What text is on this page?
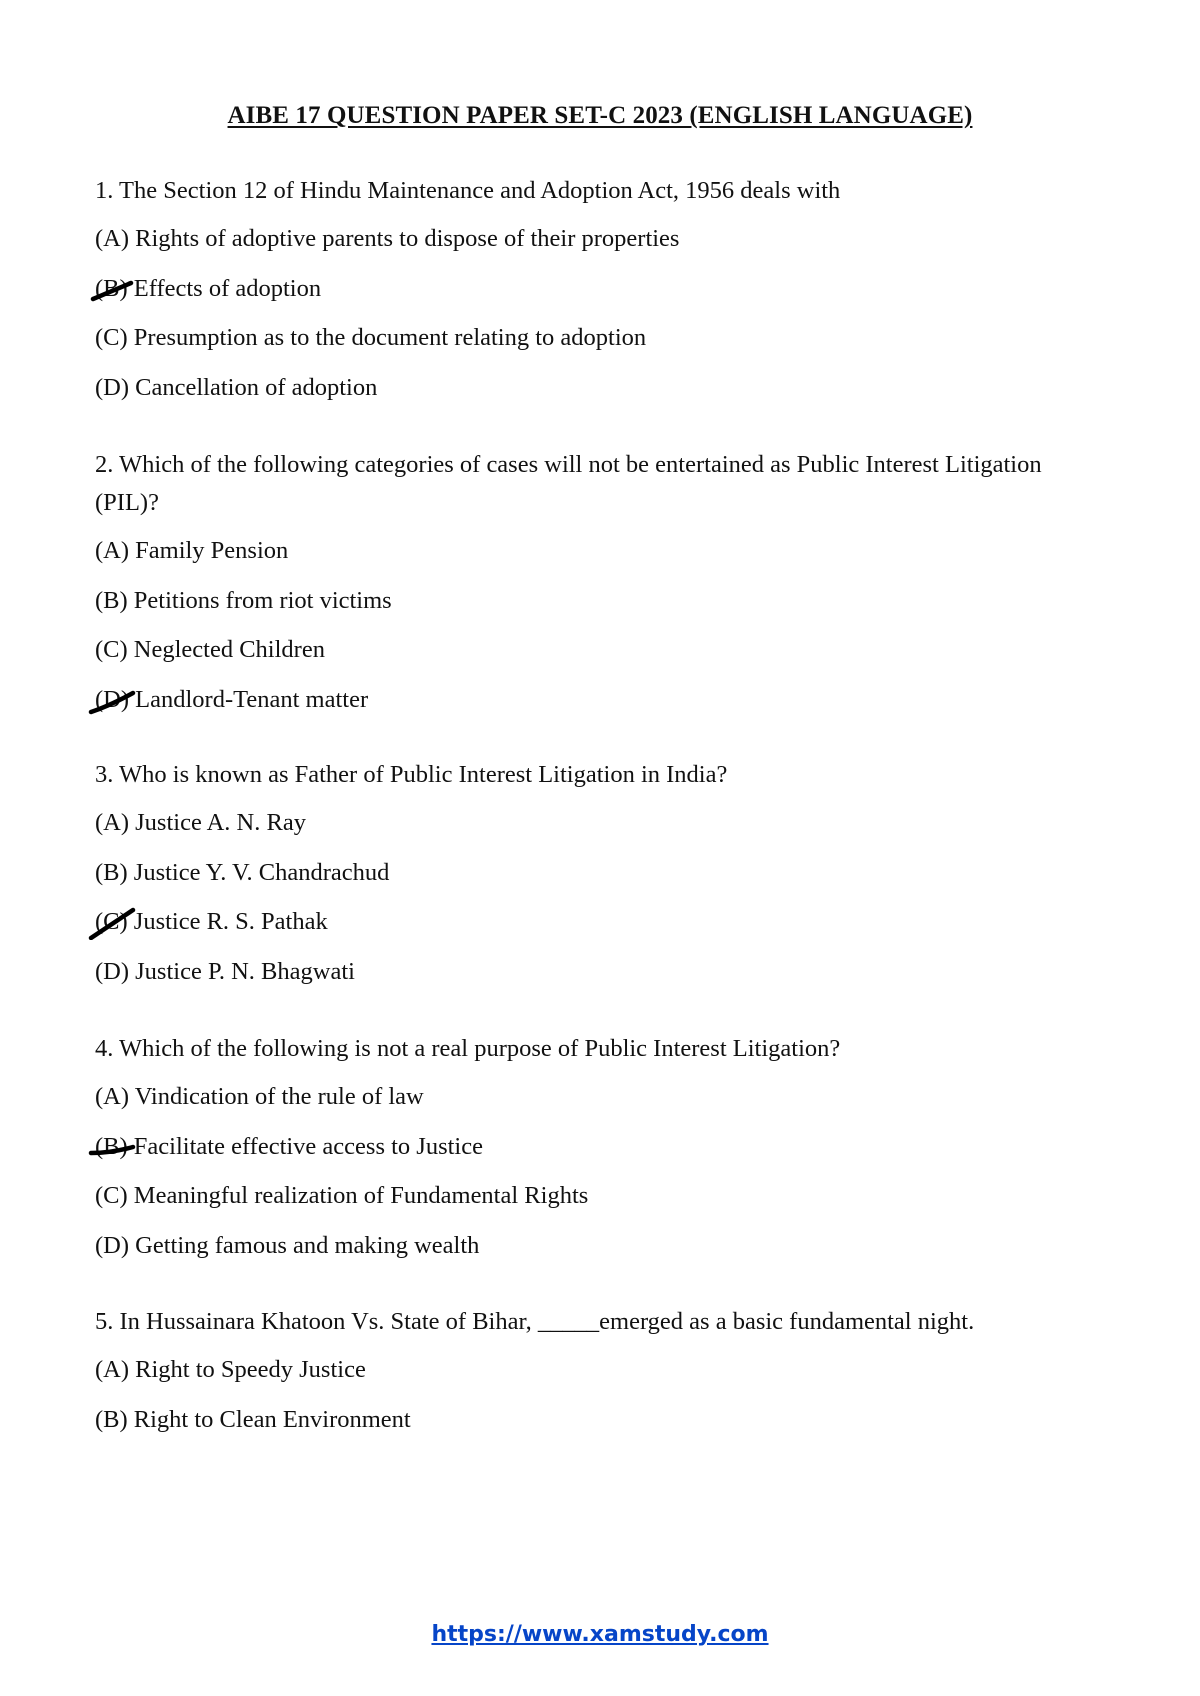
AIBE 17 QUESTION PAPER SET-C 2023 (ENGLISH LANGUAGE)

1. The Section 12 of Hindu Maintenance and Adoption Act, 1956 deals with

(A) Rights of adoptive parents to dispose of their properties
(B) Effects of adoption
(C) Presumption as to the document relating to adoption
(D) Cancellation of adoption

2. Which of the following categories of cases will not be entertained as Public Interest Litigation (PIL)?

(A) Family Pension
(B) Petitions from riot victims
(C) Neglected Children
(D) Landlord-Tenant matter

3. Who is known as Father of Public Interest Litigation in India?

(A) Justice A. N. Ray
(B) Justice Y. V. Chandrachud
(C) Justice R. S. Pathak
(D) Justice P. N. Bhagwati

4. Which of the following is not a real purpose of Public Interest Litigation?

(A) Vindication of the rule of law
(B) Facilitate effective access to Justice
(C) Meaningful realization of Fundamental Rights
(D) Getting famous and making wealth

5. In Hussainara Khatoon Vs. State of Bihar, _____emerged as a basic fundamental night.

(A) Right to Speedy Justice
(B) Right to Clean Environment
https://www.xamstudy.com
